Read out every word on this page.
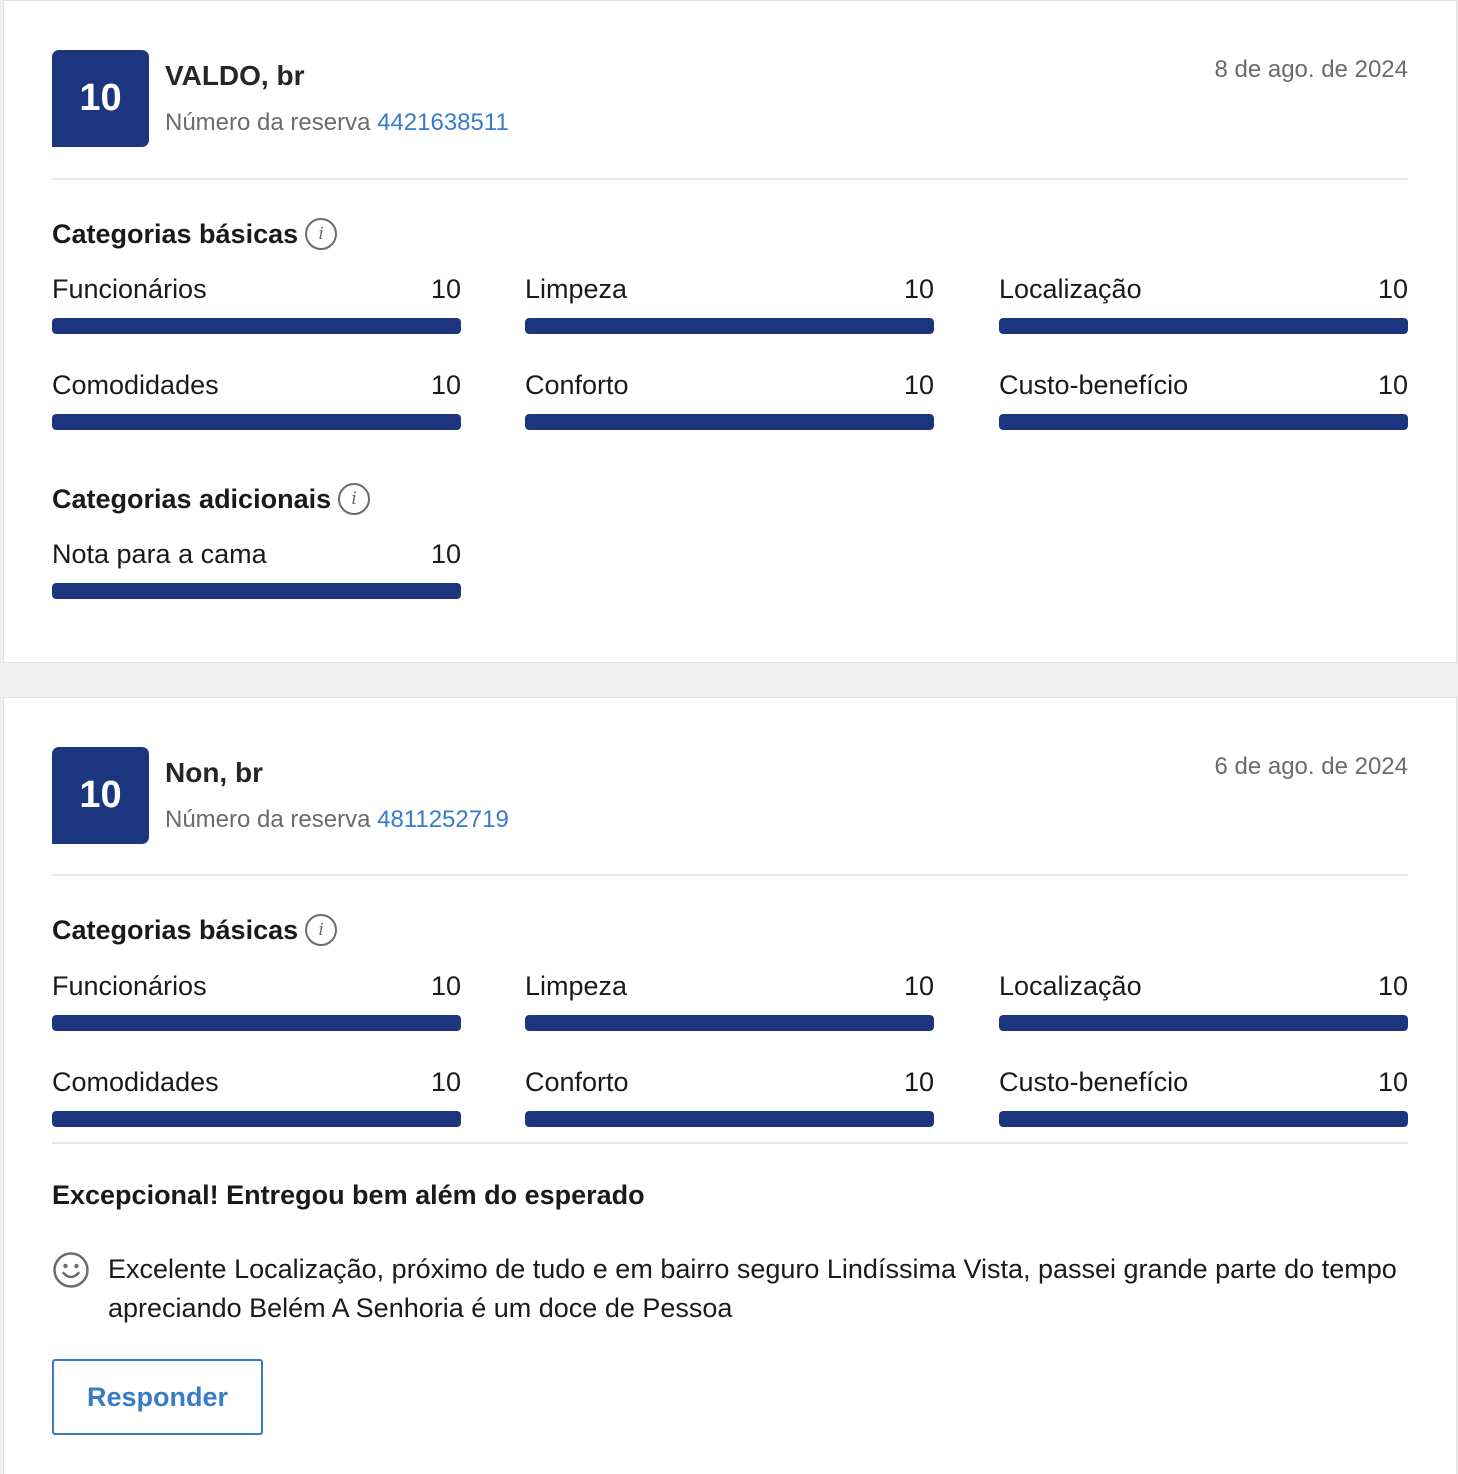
10
VALDO, br
Número da reserva 4421638511
8 de ago. de 2024
Categorias básicas	i
Funcionários	10 Limpeza	10 Localização	10
Comodidades	10 Conforto	10 Custo-benefício	10
Categorias adicionais	i
Nota para a cama	10
10
Non, br
Número da reserva 4811252719
6 de ago. de 2024
Categorias básicas	i
Funcionários	10 Limpeza	10 Localização	10
Comodidades	10 Conforto	10 Custo-benefício	10
Excepcional! Entregou bem além do esperado
Excelente Localização, próximo de tudo e em bairro seguro Lindíssima Vista, passei grande parte do tempo apreciando Belém A Senhoria é um doce de Pessoa
Responder
